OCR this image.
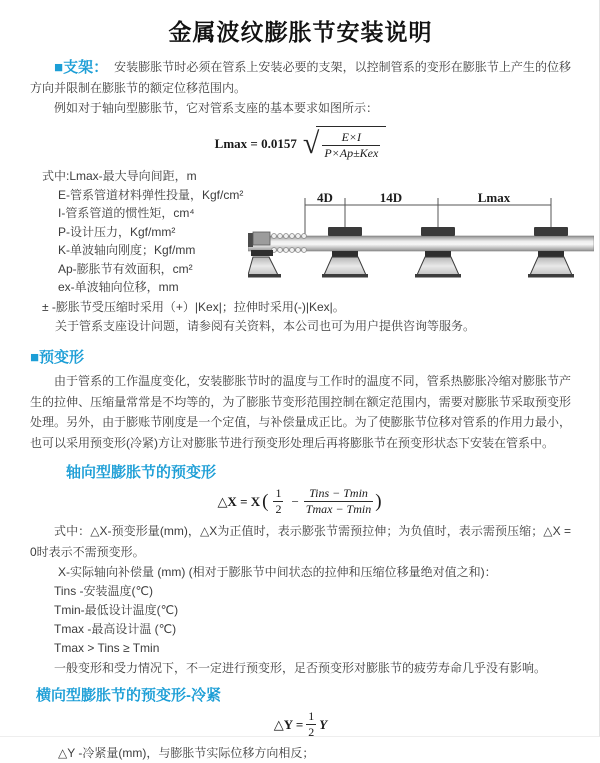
金属波纹膨胀节安装说明

■支架： 安装膨胀节时必须在管系上安装必要的支架，以控制管系的变形在膨胀节上产生的位移方向并限制在膨胀节的额定位移范围内。

例如对于轴向型膨胀节，它对管系支座的基本要求如图所示：

Lmax = 0.0157 √ $\frac{E\times I}{\text{P×Ap±Kex}}$
式中:Lmax-最大导向间距，m
E-管系管道材料弹性投量，Kgf/cm²
I-管系管道的惯性矩，cm⁴
P-设计压力，Kgf/mm²
K-单波轴向刚度；Kgf/mm
Ap-膨胀节有效面积，cm²
ex-单波轴向位移，mm
4D	14D	Lmax
± -膨胀节受压缩时采用（+）|Kex|；拉伸时采用(-)|Kex|。
关于管系支座设计问题，请参阅有关资料，本公司也可为用户提供咨询等服务。
■预变形

由于管系的工作温度变化，安装膨胀节时的温度与工作时的温度不同，管系热膨胀冷缩对膨胀节产生的拉伸、压缩量常常是不均等的，为了膨胀节变形范围控制在额定范围内，需要对膨胀节采取预变形处理。另外，由于膨账节刚度是一个定值，与补偿量成正比。为了使膨胀节位移对管系的作用力最小，也可以采用预变形(冷紧)方让对膨胀节进行预变形处理后再将膨胀节在预变形状态下安装在管系中。

轴向型膨胀节的预变形
△X = X ( $\frac{1}{2} - \frac{\text{Tins − Tmin}}{Tmax - Tmin}$ )

式中：△X-预变形量(mm)，△X为正值时，表示膨张节需预拉伸；为负值时，表示需预压缩；△X = 0时表示不需预变形。

X-实际轴向补偿量 (mm) (相对于膨胀节中间状态的拉伸和压缩位移量绝对值之和)：
Tins -安装温度(℃)
Tmin-最低设计温度(℃)
Tmax -最高设计温 (℃)
Tmax > Tins ≥ Tmin

一般变形和受力情况下，不一定进行预变形，足否预变形对膨胀节的疲劳寿命几乎没有影响。

横向型膨胀节的预变形-冷紧
△Y = $\frac{1}{2}$ Y
△Y -冷紧量(mm)，与膨胀节实际位移方向相反；
